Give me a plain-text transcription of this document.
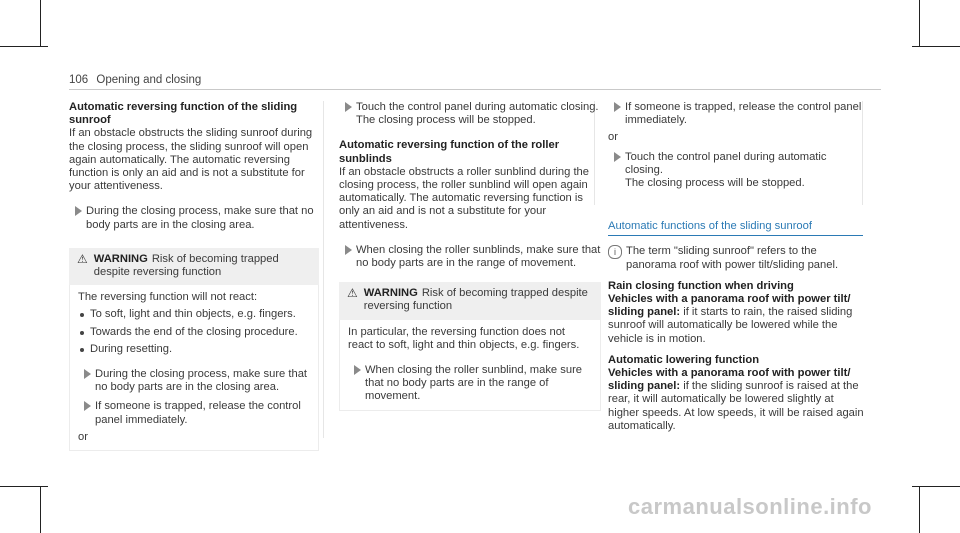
106 Opening and closing

Automatic reversing function of the sliding sunroof

If an obstacle obstructs the sliding sunroof during the closing process, the sliding sunroof will open again automatically. The automatic reversing function is only an aid and is not a substitute for your attentiveness.

During the closing process, make sure that no body parts are in the closing area.
⚠ WARNING Risk of becoming trapped despite reversing function

The reversing function will not react:

To soft, light and thin objects, e.g. fingers.
Towards the end of the closing procedure.
During resetting.
During the closing process, make sure that no body parts are in the closing area.
If someone is trapped, release the control panel immediately.

or

Touch the control panel during automatic closing.
The closing process will be stopped.

Automatic reversing function of the roller sunblinds

If an obstacle obstructs a roller sunblind during the closing process, the roller sunblind will open again automatically. The automatic reversing function is only an aid and is not a substitute for your attentiveness.

When closing the roller sunblinds, make sure that no body parts are in the range of movement.
⚠ WARNING Risk of becoming trapped despite reversing function

In particular, the reversing function does not react to soft, light and thin objects, e.g. fingers.

When closing the roller sunblind, make sure that no body parts are in the range of movement.
If someone is trapped, release the control panel immediately.

or

Touch the control panel during automatic closing.
The closing process will be stopped.

Automatic functions of the sliding sunroof

i The term "sliding sunroof" refers to the panorama roof with power tilt/sliding panel.

Rain closing function when driving

Vehicles with a panorama roof with power tilt/ sliding panel: if it starts to rain, the raised sliding sunroof will automatically be lowered while the vehicle is in motion.

Automatic lowering function

Vehicles with a panorama roof with power tilt/ sliding panel: if the sliding sunroof is raised at the rear, it will automatically be lowered slightly at higher speeds. At low speeds, it will be raised again automatically.

carmanualsonline.info
